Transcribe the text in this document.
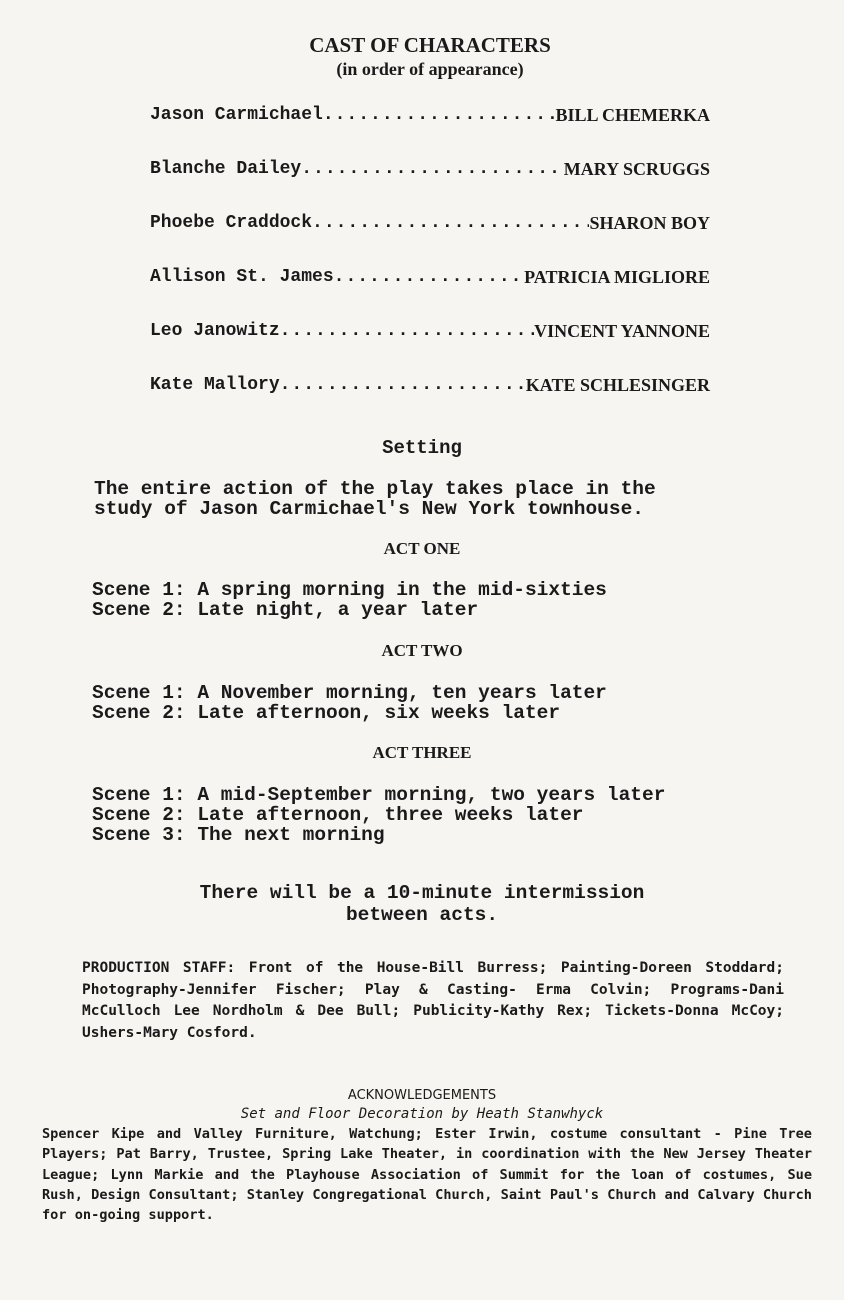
CAST OF CHARACTERS
(in order of appearance)
Jason Carmichael .....	BILL CHEMERKA
Blanche Dailey .....	MARY SCRUGGS
Phoebe Craddock .....	SHARON BOY
Allison St. James .....	PATRICIA MIGLIORE
Leo Janowitz .....	VINCENT YANNONE
Kate Mallory .....	KATE SCHLESINGER
Setting
The entire action of the play takes place in the
study of Jason Carmichael's New York townhouse.
ACT ONE
Scene 1: A spring morning in the mid-sixties
Scene 2: Late night, a year later
ACT TWO
Scene 1: A November morning, ten years later
Scene 2: Late afternoon, six weeks later
ACT THREE
Scene 1: A mid-September morning, two years later
Scene 2: Late afternoon, three weeks later
Scene 3: The next morning
There will be a 10-minute intermission
between acts.
PRODUCTION STAFF: Front of the House-Bill Burress; Painting-Doreen Stoddard; Photography-Jennifer Fischer; Play & Casting- Erma Colvin; Programs-Dani McCulloch Lee Nordholm & Dee Bull; Publicity-Kathy Rex; Tickets-Donna McCoy; Ushers-Mary Cosford.
ACKNOWLEDGEMENTS
Set and Floor Decoration by Heath Stanwhyck
Spencer Kipe and Valley Furniture, Watchung; Ester Irwin, costume consultant - Pine Tree Players; Pat Barry, Trustee, Spring Lake Theater, in coordination with the New Jersey Theater League; Lynn Markie and the Playhouse Association of Summit for the loan of costumes, Sue Rush, Design Consultant; Stanley Congregational Church, Saint Paul's Church and Calvary Church for on-going support.
